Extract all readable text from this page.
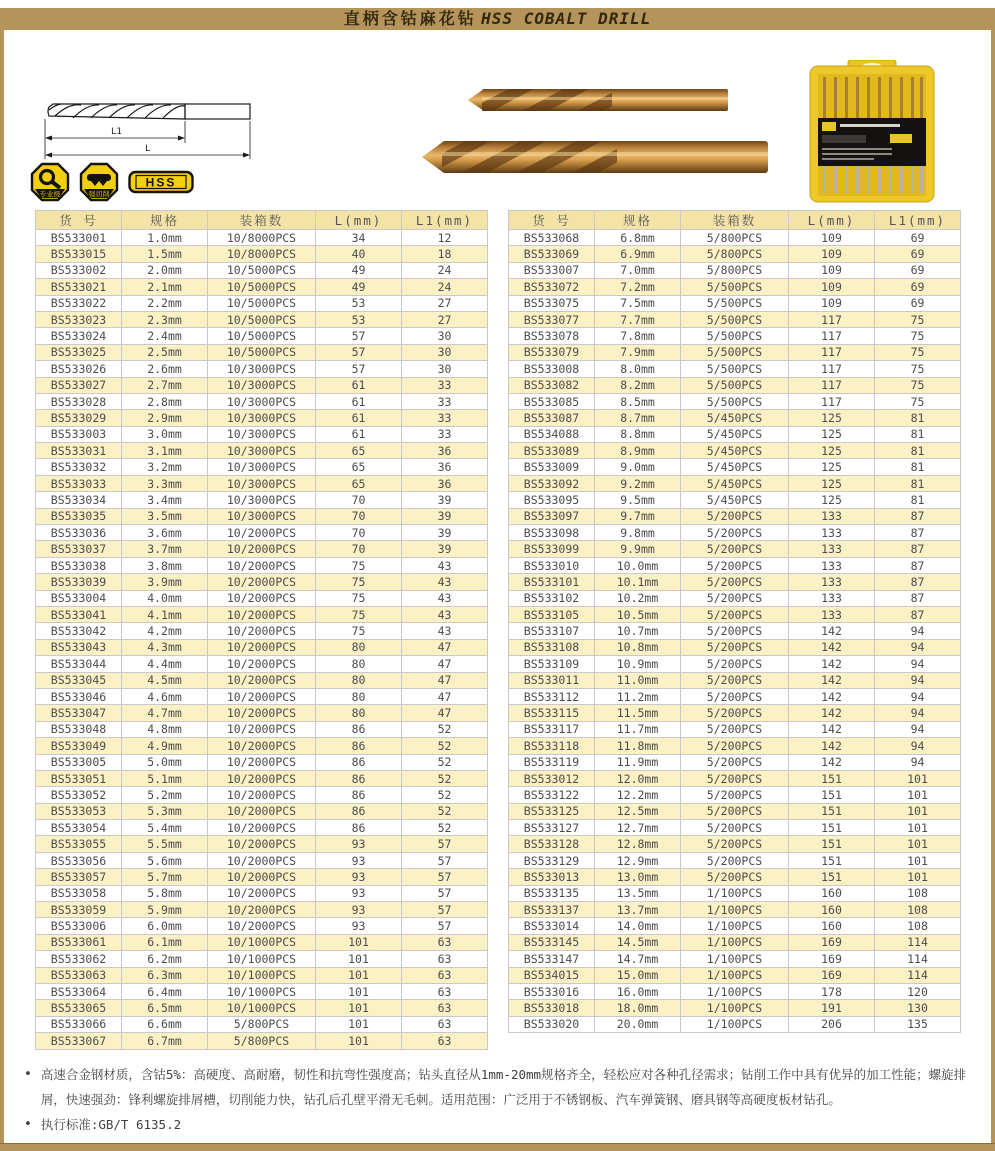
直柄含钴麻花钻 HSS COBALT DRILL
L1
L
专业级	强切削
HSS
货 号	规格	装箱数	L(mm)	L1(mm)
BS533001	1.0mm	10/8000PCS	34	12
BS533015	1.5mm	10/8000PCS	40	18
BS533002	2.0mm	10/5000PCS	49	24
BS533021	2.1mm	10/5000PCS	49	24
BS533022	2.2mm	10/5000PCS	53	27
BS533023	2.3mm	10/5000PCS	53	27
BS533024	2.4mm	10/5000PCS	57	30
BS533025	2.5mm	10/5000PCS	57	30
BS533026	2.6mm	10/3000PCS	57	30
BS533027	2.7mm	10/3000PCS	61	33
BS533028	2.8mm	10/3000PCS	61	33
BS533029	2.9mm	10/3000PCS	61	33
BS533003	3.0mm	10/3000PCS	61	33
BS533031	3.1mm	10/3000PCS	65	36
BS533032	3.2mm	10/3000PCS	65	36
BS533033	3.3mm	10/3000PCS	65	36
BS533034	3.4mm	10/3000PCS	70	39
BS533035	3.5mm	10/3000PCS	70	39
BS533036	3.6mm	10/2000PCS	70	39
BS533037	3.7mm	10/2000PCS	70	39
BS533038	3.8mm	10/2000PCS	75	43
BS533039	3.9mm	10/2000PCS	75	43
BS533004	4.0mm	10/2000PCS	75	43
BS533041	4.1mm	10/2000PCS	75	43
BS533042	4.2mm	10/2000PCS	75	43
BS533043	4.3mm	10/2000PCS	80	47
BS533044	4.4mm	10/2000PCS	80	47
BS533045	4.5mm	10/2000PCS	80	47
BS533046	4.6mm	10/2000PCS	80	47
BS533047	4.7mm	10/2000PCS	80	47
BS533048	4.8mm	10/2000PCS	86	52
BS533049	4.9mm	10/2000PCS	86	52
BS533005	5.0mm	10/2000PCS	86	52
BS533051	5.1mm	10/2000PCS	86	52
BS533052	5.2mm	10/2000PCS	86	52
BS533053	5.3mm	10/2000PCS	86	52
BS533054	5.4mm	10/2000PCS	86	52
BS533055	5.5mm	10/2000PCS	93	57
BS533056	5.6mm	10/2000PCS	93	57
BS533057	5.7mm	10/2000PCS	93	57
BS533058	5.8mm	10/2000PCS	93	57
BS533059	5.9mm	10/2000PCS	93	57
BS533006	6.0mm	10/2000PCS	93	57
BS533061	6.1mm	10/1000PCS	101	63
BS533062	6.2mm	10/1000PCS	101	63
BS533063	6.3mm	10/1000PCS	101	63
BS533064	6.4mm	10/1000PCS	101	63
BS533065	6.5mm	10/1000PCS	101	63
BS533066	6.6mm	5/800PCS	101	63
BS533067	6.7mm	5/800PCS	101	63
货 号	规格	装箱数	L(mm)	L1(mm)
BS533068	6.8mm	5/800PCS	109	69
BS533069	6.9mm	5/800PCS	109	69
BS533007	7.0mm	5/800PCS	109	69
BS533072	7.2mm	5/500PCS	109	69
BS533075	7.5mm	5/500PCS	109	69
BS533077	7.7mm	5/500PCS	117	75
BS533078	7.8mm	5/500PCS	117	75
BS533079	7.9mm	5/500PCS	117	75
BS533008	8.0mm	5/500PCS	117	75
BS533082	8.2mm	5/500PCS	117	75
BS533085	8.5mm	5/500PCS	117	75
BS533087	8.7mm	5/450PCS	125	81
BS534088	8.8mm	5/450PCS	125	81
BS533089	8.9mm	5/450PCS	125	81
BS533009	9.0mm	5/450PCS	125	81
BS533092	9.2mm	5/450PCS	125	81
BS533095	9.5mm	5/450PCS	125	81
BS533097	9.7mm	5/200PCS	133	87
BS533098	9.8mm	5/200PCS	133	87
BS533099	9.9mm	5/200PCS	133	87
BS533010	10.0mm	5/200PCS	133	87
BS533101	10.1mm	5/200PCS	133	87
BS533102	10.2mm	5/200PCS	133	87
BS533105	10.5mm	5/200PCS	133	87
BS533107	10.7mm	5/200PCS	142	94
BS533108	10.8mm	5/200PCS	142	94
BS533109	10.9mm	5/200PCS	142	94
BS533011	11.0mm	5/200PCS	142	94
BS533112	11.2mm	5/200PCS	142	94
BS533115	11.5mm	5/200PCS	142	94
BS533117	11.7mm	5/200PCS	142	94
BS533118	11.8mm	5/200PCS	142	94
BS533119	11.9mm	5/200PCS	142	94
BS533012	12.0mm	5/200PCS	151	101
BS533122	12.2mm	5/200PCS	151	101
BS533125	12.5mm	5/200PCS	151	101
BS533127	12.7mm	5/200PCS	151	101
BS533128	12.8mm	5/200PCS	151	101
BS533129	12.9mm	5/200PCS	151	101
BS533013	13.0mm	5/200PCS	151	101
BS533135	13.5mm	1/100PCS	160	108
BS533137	13.7mm	1/100PCS	160	108
BS533014	14.0mm	1/100PCS	160	108
BS533145	14.5mm	1/100PCS	169	114
BS533147	14.7mm	1/100PCS	169	114
BS534015	15.0mm	1/100PCS	169	114
BS533016	16.0mm	1/100PCS	178	120
BS533018	18.0mm	1/100PCS	191	130
BS533020	20.0mm	1/100PCS	206	135
• 高速合金钢材质，含钴5%：高硬度、高耐磨，韧性和抗弯性强度高；钻头直径从1mm-20mm规格齐全，轻松应对各种孔径需求；钻削工作中具有优异的加工性能；螺旋排屑，快速强劲：锋利螺旋排屑槽，切削能力快，钻孔后孔壁平滑无毛刺。适用范围：广泛用于不锈钢板、汽车弹簧钢、磨具钢等高硬度板材钻孔。
• 执行标准:GB/T 6135.2
